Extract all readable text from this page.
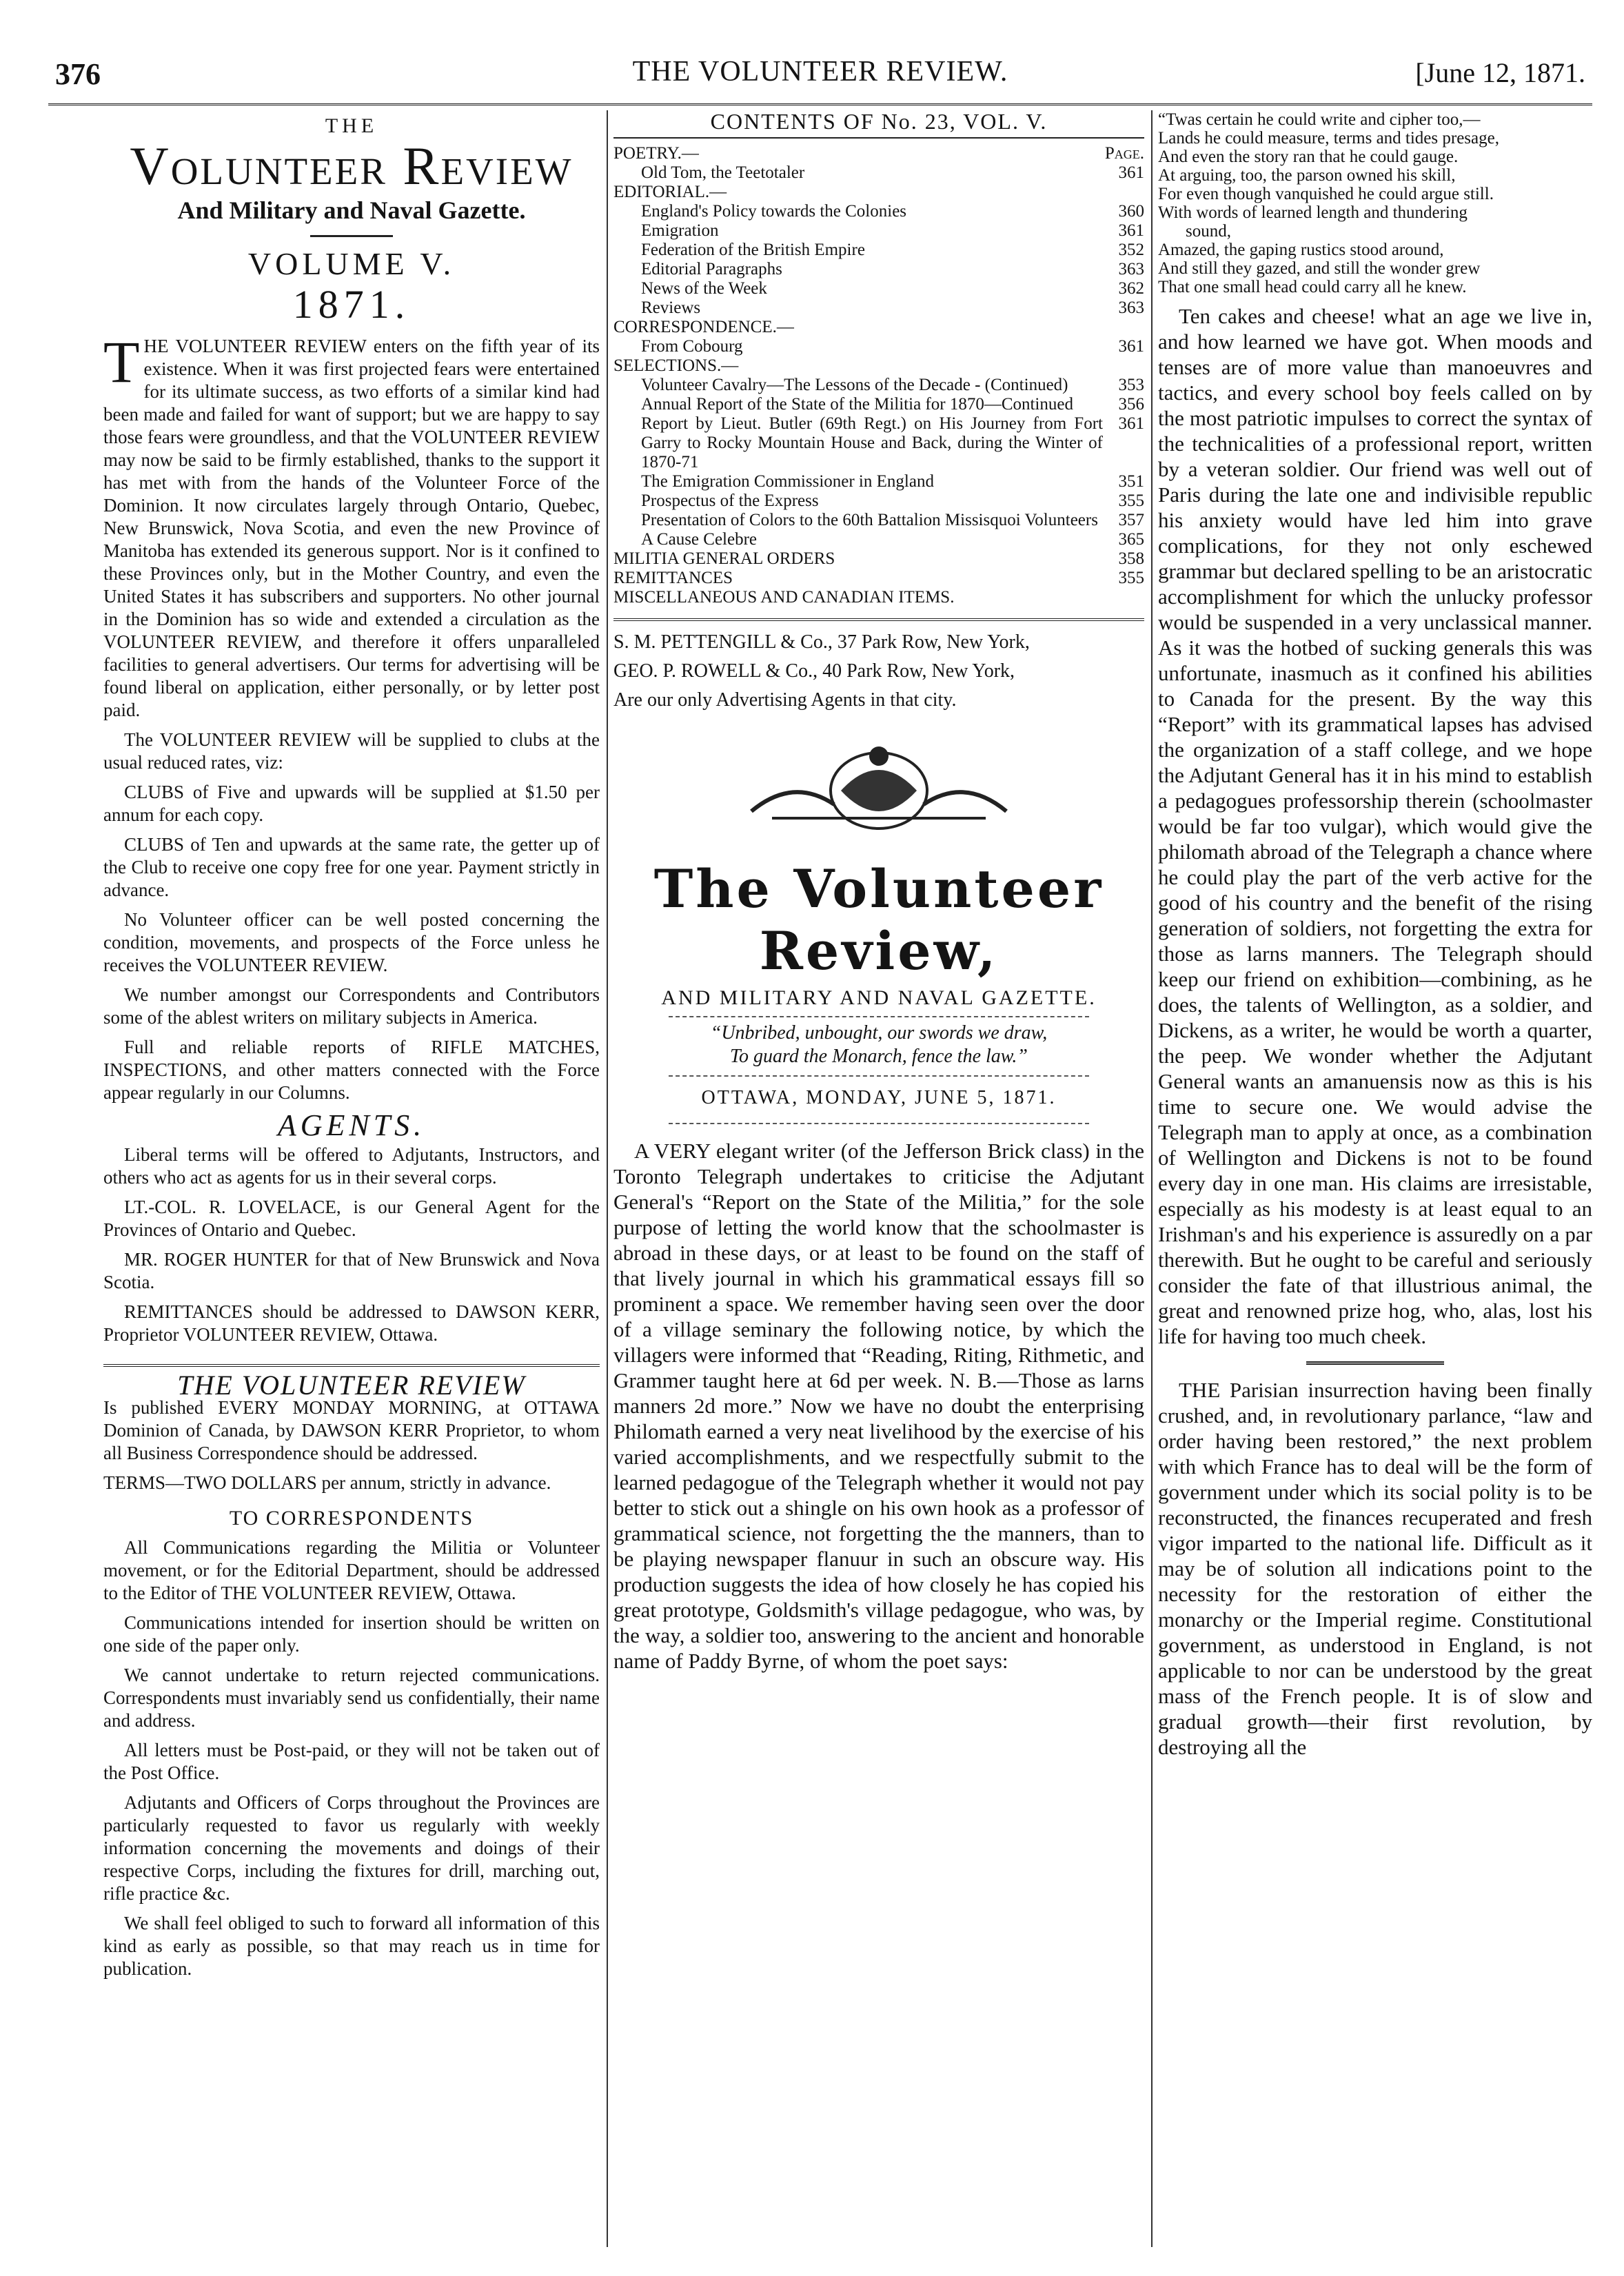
376	THE VOLUNTEER REVIEW.	[June 12, 1871.
THE
Volunteer Review
And Military and Naval Gazette.
VOLUME V.
1871.

THE VOLUNTEER REVIEW enters on the fifth year of its existence. When it was first projected fears were entertained for its ultimate success, as two efforts of a similar kind had been made and failed for want of support; but we are happy to say those fears were groundless, and that the VOLUNTEER REVIEW may now be said to be firmly established, thanks to the support it has met with from the hands of the Volunteer Force of the Dominion. It now circulates largely through Ontario, Quebec, New Brunswick, Nova Scotia, and even the new Province of Manitoba has extended its generous support. Nor is it confined to these Provinces only, but in the Mother Country, and even the United States it has subscribers and supporters. No other journal in the Dominion has so wide and extended a circulation as the VOLUNTEER REVIEW, and therefore it offers unparalleled facilities to general advertisers. Our terms for advertising will be found liberal on application, either personally, or by letter post paid.

The VOLUNTEER REVIEW will be supplied to clubs at the usual reduced rates, viz:

CLUBS of Five and upwards will be supplied at $1.50 per annum for each copy.

CLUBS of Ten and upwards at the same rate, the getter up of the Club to receive one copy free for one year. Payment strictly in advance.

No Volunteer officer can be well posted concerning the condition, movements, and prospects of the Force unless he receives the VOLUNTEER REVIEW.

We number amongst our Correspondents and Contributors some of the ablest writers on military subjects in America.

Full and reliable reports of RIFLE MATCHES, INSPECTIONS, and other matters connected with the Force appear regularly in our Columns.

AGENTS.

Liberal terms will be offered to Adjutants, Instructors, and others who act as agents for us in their several corps.

LT.-COL. R. LOVELACE, is our General Agent for the Provinces of Ontario and Quebec.

MR. ROGER HUNTER for that of New Brunswick and Nova Scotia.

REMITTANCES should be addressed to DAWSON KERR, Proprietor VOLUNTEER REVIEW, Ottawa.

THE VOLUNTEER REVIEW

Is published EVERY MONDAY MORNING, at OTTAWA Dominion of Canada, by DAWSON KERR Proprietor, to whom all Business Correspondence should be addressed.

TERMS—TWO DOLLARS per annum, strictly in advance.

TO CORRESPONDENTS

All Communications regarding the Militia or Volunteer movement, or for the Editorial Department, should be addressed to the Editor of THE VOLUNTEER REVIEW, Ottawa.

Communications intended for insertion should be written on one side of the paper only.

We cannot undertake to return rejected communications. Correspondents must invariably send us confidentially, their name and address.

All letters must be Post-paid, or they will not be taken out of the Post Office.

Adjutants and Officers of Corps throughout the Provinces are particularly requested to favor us regularly with weekly information concerning the movements and doings of their respective Corps, including the fixtures for drill, marching out, rifle practice &c.

We shall feel obliged to such to forward all information of this kind as early as possible, so that may reach us in time for publication.

CONTENTS OF No. 23, VOL. V.
POETRY.—	Page.
Old Tom, the Teetotaler	361
EDITORIAL.—
England's Policy towards the Colonies	360
Emigration	361
Federation of the British Empire	352
Editorial Paragraphs	363
News of the Week	362
Reviews	363
CORRESPONDENCE.—
From Cobourg	361
SELECTIONS.—
Volunteer Cavalry—The Lessons of the Decade - (Continued)	353
Annual Report of the State of the Militia for 1870—Continued	356
Report by Lieut. Butler (69th Regt.) on His Journey from Fort Garry to Rocky Mountain House and Back, during the Winter of 1870-71
361
The Emigration Commissioner in England	351
Prospectus of the Express	355
Presentation of Colors to the 60th Battalion Missisquoi Volunteers	357
A Cause Celebre	365
MILITIA GENERAL ORDERS	358
REMITTANCES	355
MISCELLANEOUS AND CANADIAN ITEMS.
S. M. PETTENGILL & Co., 37 Park Row, New York,
GEO. P. ROWELL & Co., 40 Park Row, New York,
Are our only Advertising Agents in that city.
The Volunteer Review,
AND MILITARY AND NAVAL GAZETTE.
“Unbribed, unbought, our swords we draw,
To guard the Monarch, fence the law.”
OTTAWA, MONDAY, JUNE 5, 1871.

A VERY elegant writer (of the Jefferson Brick class) in the Toronto Telegraph undertakes to criticise the Adjutant General's “Report on the State of the Militia,” for the sole purpose of letting the world know that the schoolmaster is abroad in these days, or at least to be found on the staff of that lively journal in which his grammatical essays fill so prominent a space. We remember having seen over the door of a village seminary the following notice, by which the villagers were informed that “Reading, Riting, Rithmetic, and Grammer taught here at 6d per week. N. B.—Those as larns manners 2d more.” Now we have no doubt the enterprising Philomath earned a very neat livelihood by the exercise of his varied accomplishments, and we respectfully submit to the learned pedagogue of the Telegraph whether it would not pay better to stick out a shingle on his own hook as a professor of grammatical science, not forgetting the the manners, than to be playing newspaper flanuur in such an obscure way. His production suggests the idea of how closely he has copied his great prototype, Goldsmith's village pedagogue, who was, by the way, a soldier too, answering to the ancient and honorable name of Paddy Byrne, of whom the poet says:

“Twas certain he could write and cipher too,—
Lands he could measure, terms and tides presage,
And even the story ran that he could gauge.
At arguing, too, the parson owned his skill,
For even though vanquished he could argue still.
With words of learned length and thundering
sound,
Amazed, the gaping rustics stood around,
And still they gazed, and still the wonder grew
That one small head could carry all he knew.

Ten cakes and cheese! what an age we live in, and how learned we have got. When moods and tenses are of more value than manoeuvres and tactics, and every school boy feels called on by the most patriotic impulses to correct the syntax of the technicalities of a professional report, written by a veteran soldier. Our friend was well out of Paris during the late one and indivisible republic his anxiety would have led him into grave complications, for they not only eschewed grammar but declared spelling to be an aristocratic accomplishment for which the unlucky professor would be suspended in a very unclassical manner. As it was the hotbed of sucking generals this was unfortunate, inasmuch as it confined his abilities to Canada for the present. By the way this “Report” with its grammatical lapses has advised the organization of a staff college, and we hope the Adjutant General has it in his mind to establish a pedagogues professorship therein (schoolmaster would be far too vulgar), which would give the philomath abroad of the Telegraph a chance where he could play the part of the verb active for the good of his country and the benefit of the rising generation of soldiers, not forgetting the extra for those as larns manners. The Telegraph should keep our friend on exhibition—combining, as he does, the talents of Wellington, as a soldier, and Dickens, as a writer, he would be worth a quarter, the peep. We wonder whether the Adjutant General wants an amanuensis now as this is his time to secure one. We would advise the Telegraph man to apply at once, as a combination of Wellington and Dickens is not to be found every day in one man. His claims are irresistable, especially as his modesty is at least equal to an Irishman's and his experience is assuredly on a par therewith. But he ought to be careful and seriously consider the fate of that illustrious animal, the great and renowned prize hog, who, alas, lost his life for having too much cheek.

THE Parisian insurrection having been finally crushed, and, in revolutionary parlance, “law and order having been restored,” the next problem with which France has to deal will be the form of government under which its social polity is to be reconstructed, the finances recuperated and fresh vigor imparted to the national life. Difficult as it may be of solution all indications point to the necessity for the restoration of either the monarchy or the Imperial regime. Constitutional government, as understood in England, is not applicable to nor can be understood by the great mass of the French people. It is of slow and gradual growth—their first revolution, by destroying all the
